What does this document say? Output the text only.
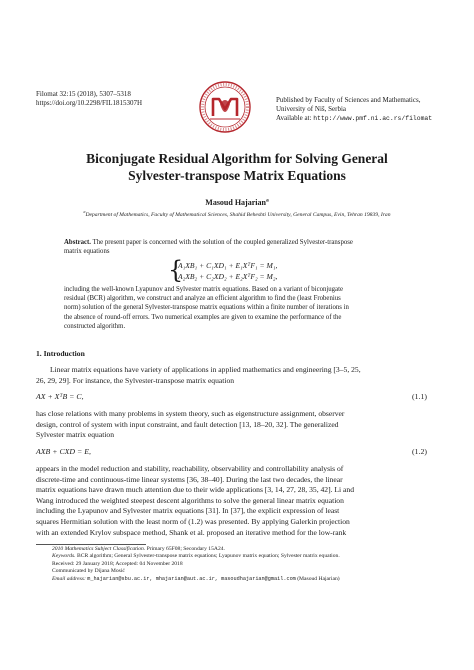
Filomat 32:15 (2018), 5307–5318
https://doi.org/10.2298/FIL1815307H	Published by Faculty of Sciences and Mathematics,
University of Niš, Serbia
Available at: http://www.pmf.ni.ac.rs/filomat
Biconjugate Residual Algorithm for Solving General
Sylvester-transpose Matrix Equations
Masoud Hajarian$^a$
$^a$Department of Mathematics, Faculty of Mathematical Sciences, Shahid Beheshti University, General Campus, Evin, Tehran 19839, Iran
Abstract. The present paper is concerned with the solution of the coupled generalized Sylvester-transpose
matrix equations
{
A₁XB₁ + C₁XD₁ + E₁XᵀF₁ = M₁,
A₂XB₂ + C₂XD₂ + E₂XᵀF₂ = M₂,
including the well-known Lyapunov and Sylvester matrix equations. Based on a variant of biconjugate
residual (BCR) algorithm, we construct and analyze an efficient algorithm to find the (least Frobenius
norm) solution of the general Sylvester-transpose matrix equations within a finite number of iterations in
the absence of round-off errors. Two numerical examples are given to examine the performance of the
constructed algorithm.
1. Introduction
Linear matrix equations have variety of applications in applied mathematics and engineering [3–5, 25,
26, 29, 29]. For instance, the Sylvester-transpose matrix equation
AX + XᵀB = C,	(1.1)
has close relations with many problems in system theory, such as eigenstructure assignment, observer
design, control of system with input constraint, and fault detection [13, 18–20, 32]. The generalized
Sylvester matrix equation
AXB + CXD = E,	(1.2)
appears in the model reduction and stability, reachability, observability and controllability analysis of
discrete-time and continuous-time linear systems [36, 38–40]. During the last two decades, the linear
matrix equations have drawn much attention due to their wide applications [3, 14, 27, 28, 35, 42]. Li and
Wang introduced the weighted steepest descent algorithms to solve the general linear matrix equation
including the Lyapunov and Sylvester matrix equations [31]. In [37], the explicit expression of least
squares Hermitian solution with the least norm of (1.2) was presented. By applying Galerkin projection
with an extended Krylov subspace method, Shank et al. proposed an iterative method for the low-rank
2010 Mathematics Subject Classification. Primary 65F08; Secondary 15A24.
Keywords. BCR algorithm; General Sylvester-transpose matrix equations; Lyapunov matrix equation; Sylvester matrix equation.
Received: 29 January 2018; Accepted: 04 November 2018
Communicated by Dijana Mosić
Email address: m_hajarian@sbu.ac.ir, mhajarian@aut.ac.ir, masoudhajarian@gmail.com (Masoud Hajarian)
